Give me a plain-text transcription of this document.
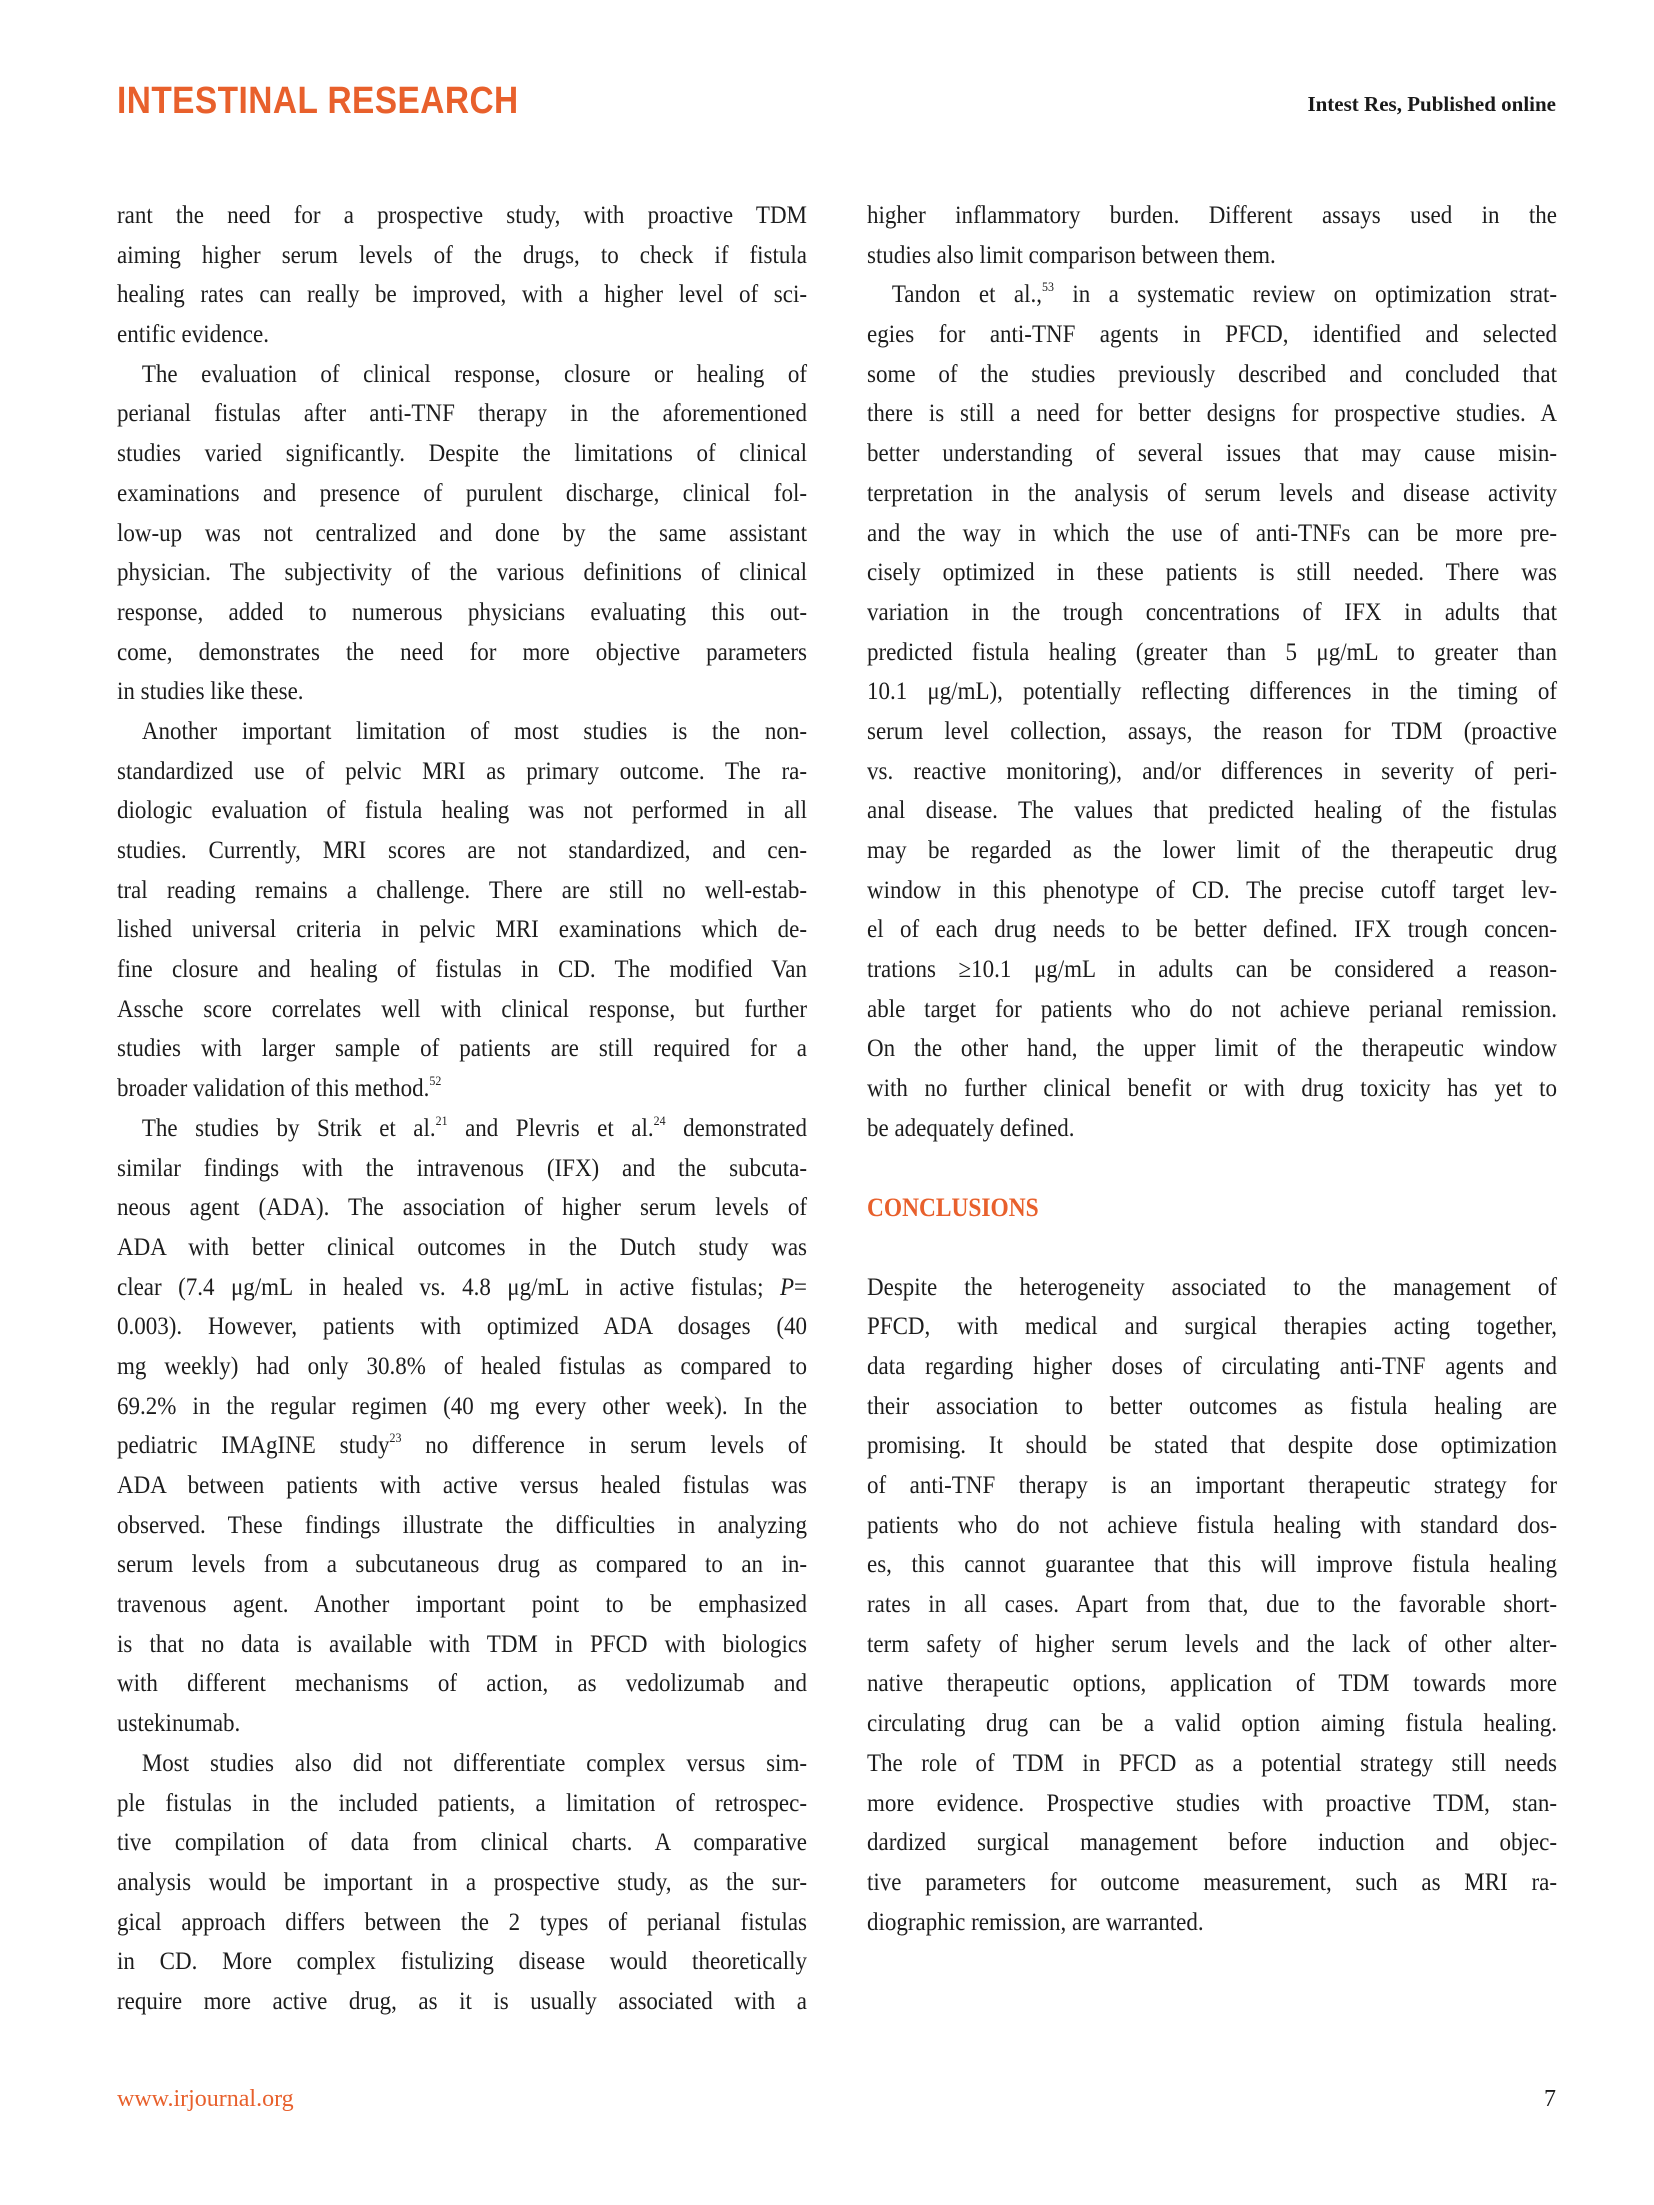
INTESTINAL RESEARCH	Intest Res, Published online
rant the need for a prospective study, with proactive TDM
aiming higher serum levels of the drugs, to check if fistula
healing rates can really be improved, with a higher level of sci-
entific evidence.
The evaluation of clinical response, closure or healing of
perianal fistulas after anti-TNF therapy in the aforementioned
studies varied significantly. Despite the limitations of clinical
examinations and presence of purulent discharge, clinical fol-
low-up was not centralized and done by the same assistant
physician. The subjectivity of the various definitions of clinical
response, added to numerous physicians evaluating this out-
come, demonstrates the need for more objective parameters
in studies like these.
Another important limitation of most studies is the non-
standardized use of pelvic MRI as primary outcome. The ra-
diologic evaluation of fistula healing was not performed in all
studies. Currently, MRI scores are not standardized, and cen-
tral reading remains a challenge. There are still no well-estab-
lished universal criteria in pelvic MRI examinations which de-
fine closure and healing of fistulas in CD. The modified Van
Assche score correlates well with clinical response, but further
studies with larger sample of patients are still required for a
broader validation of this method.$^{52}$
The studies by Strik et al.$^{21}$ and Plevris et al.$^{24}$ demonstrated
similar findings with the intravenous (IFX) and the subcuta-
neous agent (ADA). The association of higher serum levels of
ADA with better clinical outcomes in the Dutch study was
clear (7.4 μg/mL in healed vs. 4.8 μg/mL in active fistulas; P=
0.003). However, patients with optimized ADA dosages (40
mg weekly) had only 30.8% of healed fistulas as compared to
69.2% in the regular regimen (40 mg every other week). In the
pediatric IMAgINE study$^{23}$ no difference in serum levels of
ADA between patients with active versus healed fistulas was
observed. These findings illustrate the difficulties in analyzing
serum levels from a subcutaneous drug as compared to an in-
travenous agent. Another important point to be emphasized
is that no data is available with TDM in PFCD with biologics
with different mechanisms of action, as vedolizumab and
ustekinumab.
Most studies also did not differentiate complex versus sim-
ple fistulas in the included patients, a limitation of retrospec-
tive compilation of data from clinical charts. A comparative
analysis would be important in a prospective study, as the sur-
gical approach differs between the 2 types of perianal fistulas
in CD. More complex fistulizing disease would theoretically
require more active drug, as it is usually associated with a
higher inflammatory burden. Different assays used in the
studies also limit comparison between them.
Tandon et al.,$^{53}$ in a systematic review on optimization strat-
egies for anti-TNF agents in PFCD, identified and selected
some of the studies previously described and concluded that
there is still a need for better designs for prospective studies. A
better understanding of several issues that may cause misin-
terpretation in the analysis of serum levels and disease activity
and the way in which the use of anti-TNFs can be more pre-
cisely optimized in these patients is still needed. There was
variation in the trough concentrations of IFX in adults that
predicted fistula healing (greater than 5 μg/mL to greater than
10.1 μg/mL), potentially reflecting differences in the timing of
serum level collection, assays, the reason for TDM (proactive
vs. reactive monitoring), and/or differences in severity of peri-
anal disease. The values that predicted healing of the fistulas
may be regarded as the lower limit of the therapeutic drug
window in this phenotype of CD. The precise cutoff target lev-
el of each drug needs to be better defined. IFX trough concen-
trations ≥10.1 μg/mL in adults can be considered a reason-
able target for patients who do not achieve perianal remission.
On the other hand, the upper limit of the therapeutic window
with no further clinical benefit or with drug toxicity has yet to
be adequately defined.
CONCLUSIONS
Despite the heterogeneity associated to the management of
PFCD, with medical and surgical therapies acting together,
data regarding higher doses of circulating anti-TNF agents and
their association to better outcomes as fistula healing are
promising. It should be stated that despite dose optimization
of anti-TNF therapy is an important therapeutic strategy for
patients who do not achieve fistula healing with standard dos-
es, this cannot guarantee that this will improve fistula healing
rates in all cases. Apart from that, due to the favorable short-
term safety of higher serum levels and the lack of other alter-
native therapeutic options, application of TDM towards more
circulating drug can be a valid option aiming fistula healing.
The role of TDM in PFCD as a potential strategy still needs
more evidence. Prospective studies with proactive TDM, stan-
dardized surgical management before induction and objec-
tive parameters for outcome measurement, such as MRI ra-
diographic remission, are warranted.
www.irjournal.org	7
